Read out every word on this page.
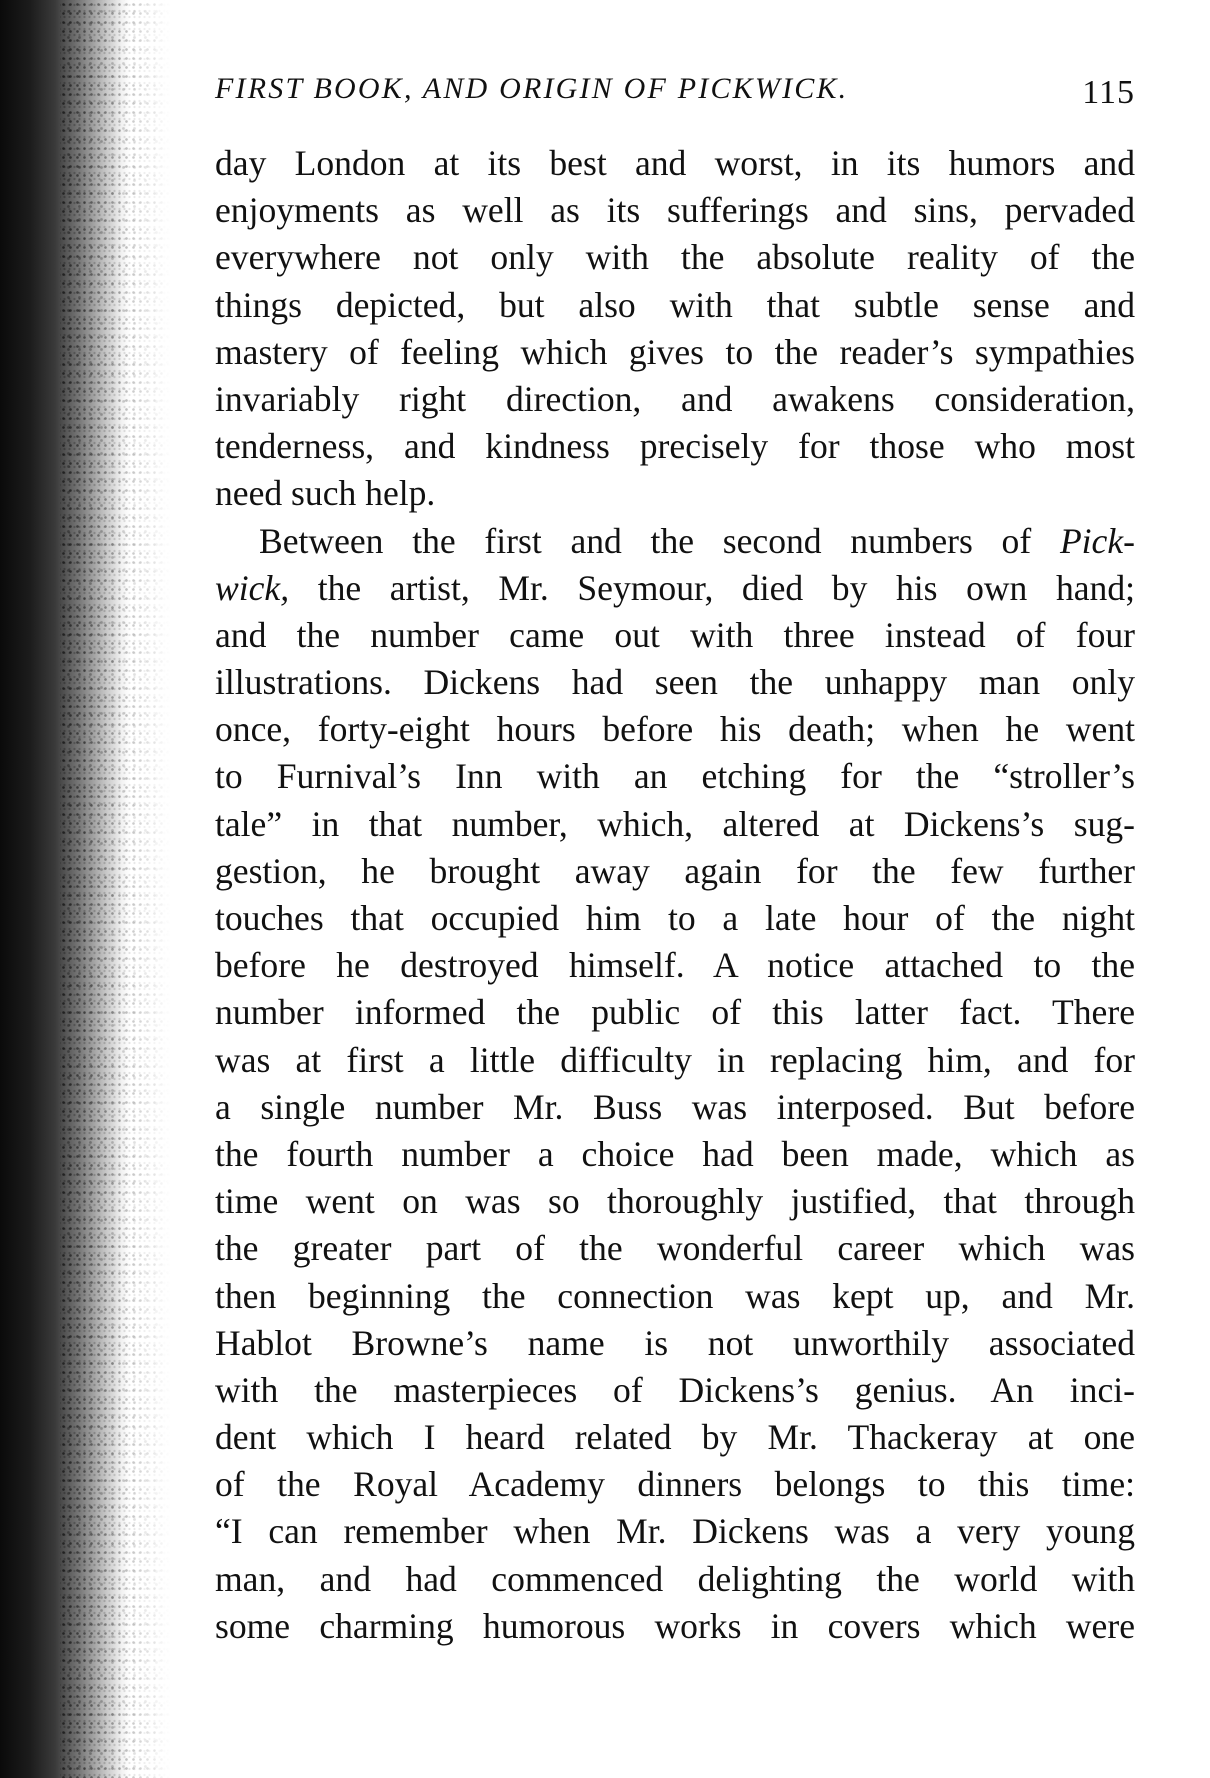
FIRST BOOK, AND ORIGIN OF PICKWICK.	115
day London at its best and worst, in its humors and
enjoyments as well as its sufferings and sins, pervaded
everywhere not only with the absolute reality of the
things depicted, but also with that subtle sense and
mastery of feeling which gives to the reader’s sympathies
invariably right direction, and awakens consideration,
tenderness, and kindness precisely for those who most
need such help.
Between the first and the second numbers of Pick-
wick, the artist, Mr. Seymour, died by his own hand;
and the number came out with three instead of four
illustrations. Dickens had seen the unhappy man only
once, forty-eight hours before his death; when he went
to Furnival’s Inn with an etching for the “stroller’s
tale” in that number, which, altered at Dickens’s sug-
gestion, he brought away again for the few further
touches that occupied him to a late hour of the night
before he destroyed himself. A notice attached to the
number informed the public of this latter fact. There
was at first a little difficulty in replacing him, and for
a single number Mr. Buss was interposed. But before
the fourth number a choice had been made, which as
time went on was so thoroughly justified, that through
the greater part of the wonderful career which was
then beginning the connection was kept up, and Mr.
Hablot Browne’s name is not unworthily associated
with the masterpieces of Dickens’s genius. An inci-
dent which I heard related by Mr. Thackeray at one
of the Royal Academy dinners belongs to this time:
“I can remember when Mr. Dickens was a very young
man, and had commenced delighting the world with
some charming humorous works in covers which were
